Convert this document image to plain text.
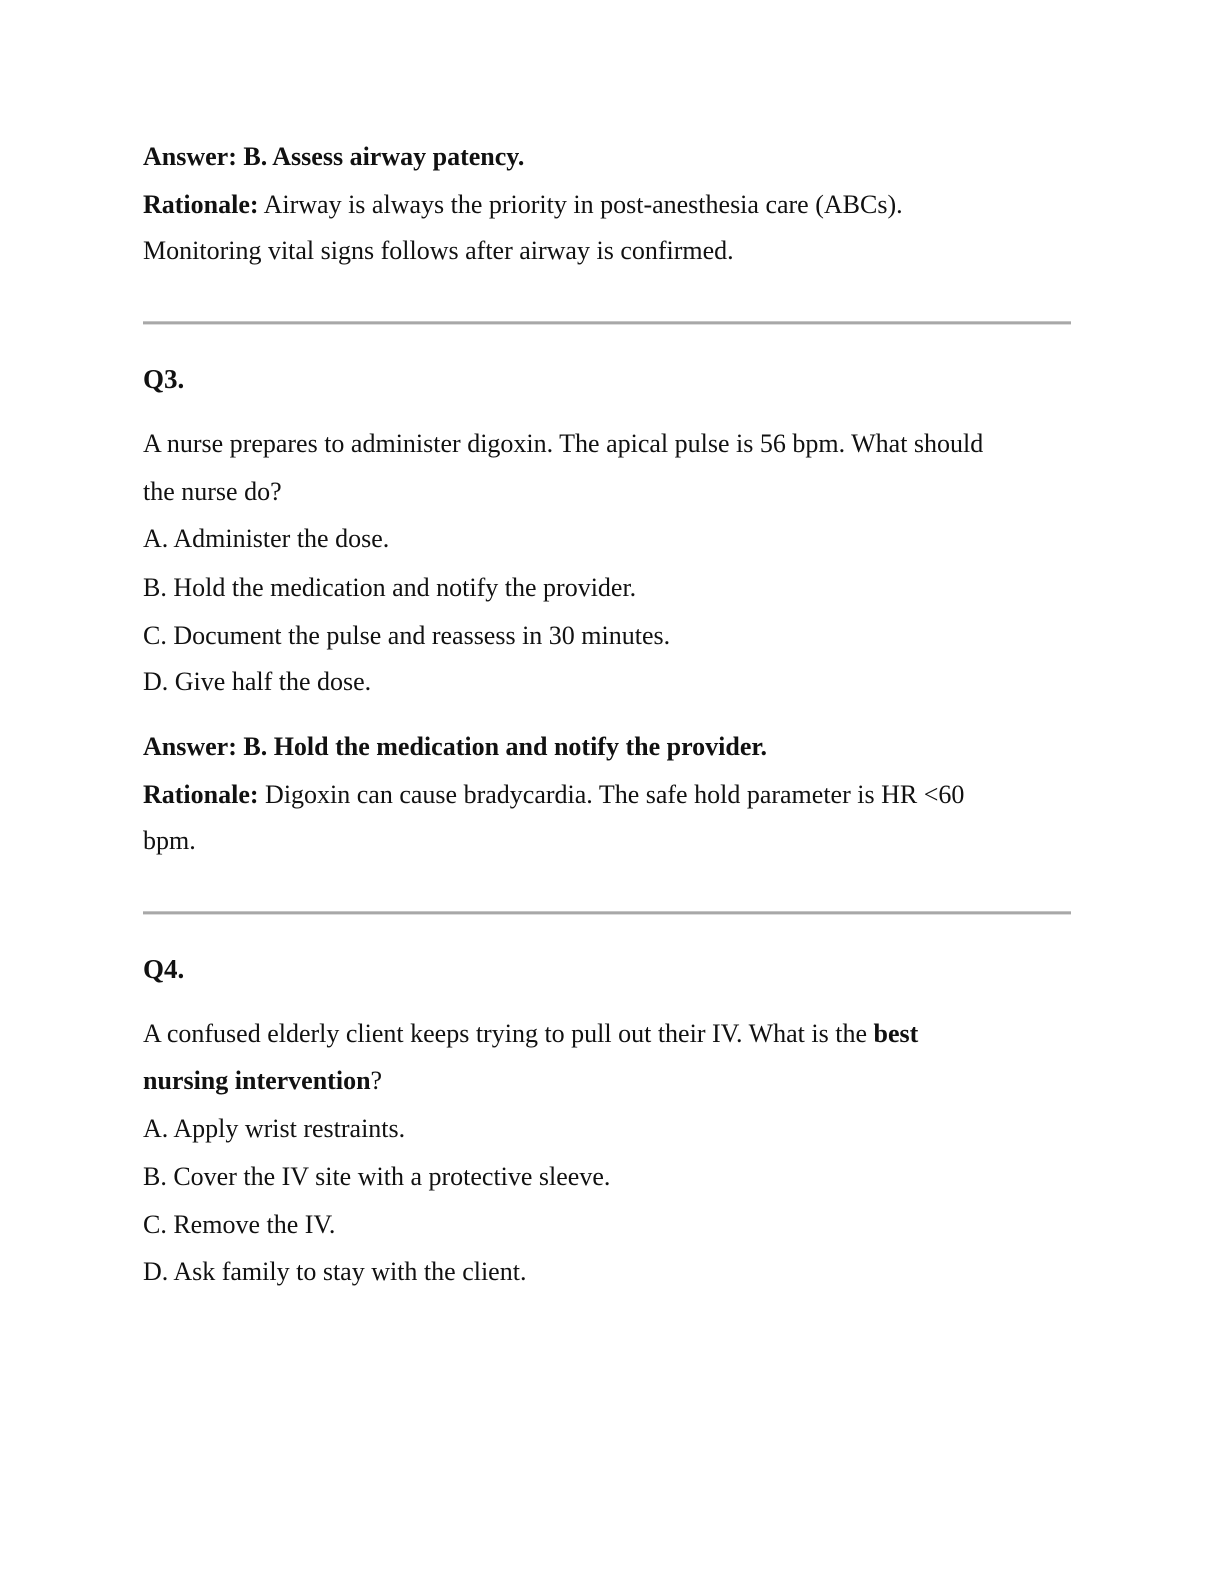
Answer: B. Assess airway patency.
Rationale: Airway is always the priority in post-anesthesia care (ABCs).
Monitoring vital signs follows after airway is confirmed.
Q3.
A nurse prepares to administer digoxin. The apical pulse is 56 bpm. What should
the nurse do?
A. Administer the dose.
B. Hold the medication and notify the provider.
C. Document the pulse and reassess in 30 minutes.
D. Give half the dose.
Answer: B. Hold the medication and notify the provider.
Rationale: Digoxin can cause bradycardia. The safe hold parameter is HR <60
bpm.
Q4.
A confused elderly client keeps trying to pull out their IV. What is the best
nursing intervention?
A. Apply wrist restraints.
B. Cover the IV site with a protective sleeve.
C. Remove the IV.
D. Ask family to stay with the client.
